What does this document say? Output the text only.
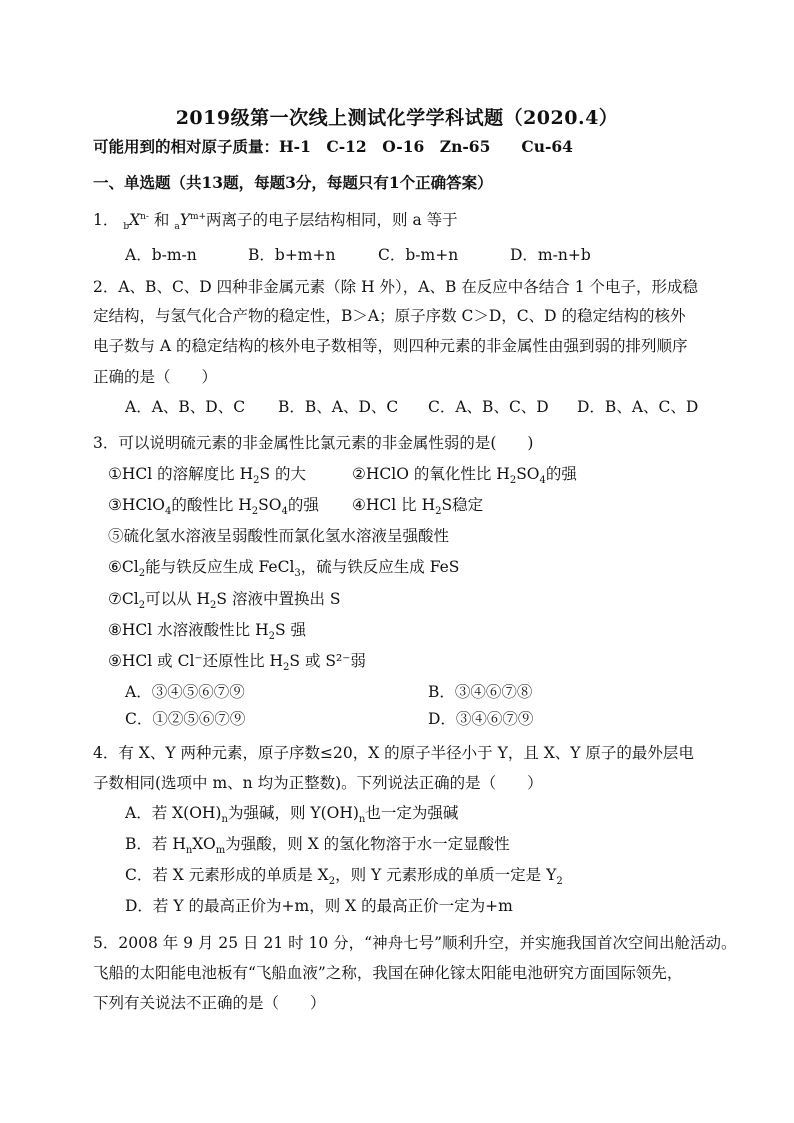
2019级第一次线上测试化学学科试题（2020.4）
可能用到的相对原子质量：H-1　C-12　O-16　Zn-65　　Cu-64
一、单选题（共13题，每题3分，每题只有1个正确答案）
1． $_bX^{n-}$ 和 $_aY^{m+}$两离子的电子层结构相同，则 a 等于
A．b-m-n	B．b+m+n	C．b-m+n	D．m-n+b
2．A、B、C、D 四种非金属元素（除 H 外），A、B 在反应中各结合 1 个电子，形成稳
定结构，与氢气化合产物的稳定性，B＞A；原子序数 C＞D，C、D 的稳定结构的核外
电子数与 A 的稳定结构的核外电子数相等，则四种元素的非金属性由强到弱的排列顺序
正确的是（　　）
A．A、B、D、C B．B、A、D、C C．A、B、C、D D．B、A、C、D
3．可以说明硫元素的非金属性比氯元素的非金属性弱的是(　　)
①HCl 的溶解度比 $H_2S$ 的大	②HClO 的氧化性比 $H_2SO_4$的强
③HClO$_4$的酸性比 $H_2SO_4$的强 ④HCl 比 $H_2S$稳定
⑤硫化氢水溶液呈弱酸性而氯化氢水溶液呈强酸性
$⑥Cl_2$能与铁反应生成 FeCl$_3$，硫与铁反应生成 FeS
$⑦Cl_2$可以从 $H_2S$ 溶液中置换出 S
⑧HCl 水溶液酸性比 $H_2S$ 强
⑨HCl 或 Cl⁻还原性比 $H_2S$ 或 S²⁻弱
A．③④⑤⑥⑦⑨	B．③④⑥⑦⑧
C．①②⑤⑥⑦⑨	D．③④⑥⑦⑨
4．有 X、Y 两种元素，原子序数≤20，X 的原子半径小于 Y，且 X、Y 原子的最外层电
子数相同(选项中 m、n 均为正整数)。下列说法正确的是（　　）
A．若 $X(OH)_n$为强碱，则 $Y(OH)_n$也一定为强碱
B．若 $H_nXO_m$为强酸，则 X 的氢化物溶于水一定显酸性
C．若 X 元素形成的单质是 $X_2$，则 Y 元素形成的单质一定是 $Y_2$
D．若 Y 的最高正价为+m，则 X 的最高正价一定为+m
5．2008 年 9 月 25 日 21 时 10 分，“神舟七号”顺利升空，并实施我国首次空间出舱活动。
飞船的太阳能电池板有“飞船血液”之称，我国在砷化镓太阳能电池研究方面国际领先，
下列有关说法不正确的是（　　）
